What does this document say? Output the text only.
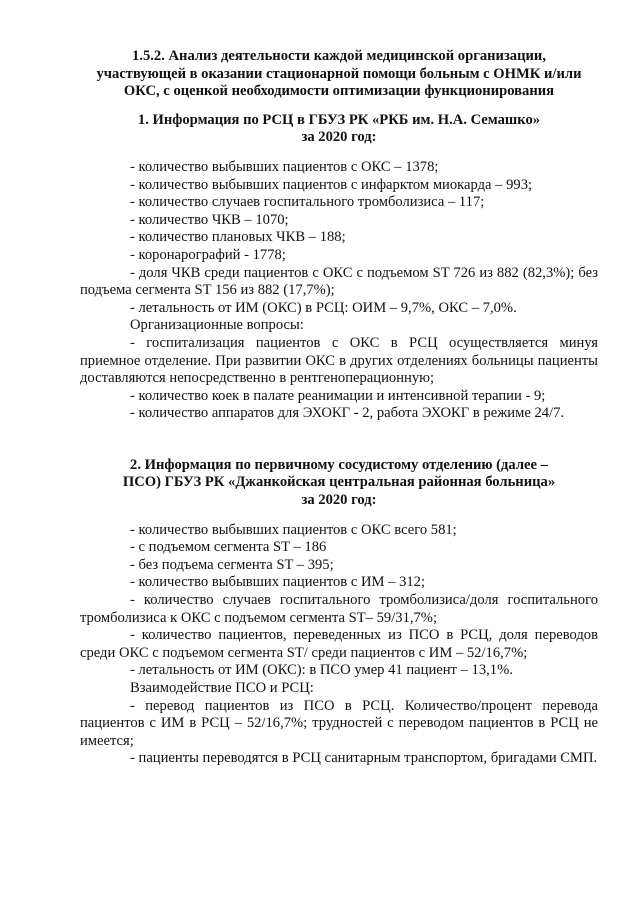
1.5.2. Анализ деятельности каждой медицинской организации,
участвующей в оказании стационарной помощи больным с ОНМК и/или
ОКС, с оценкой необходимости оптимизации функционирования
1. Информация по РСЦ в ГБУЗ РК «РКБ им. Н.А. Семашко»
за 2020 год:
- количество выбывших пациентов с ОКС – 1378;
- количество выбывших пациентов с инфарктом миокарда – 993;
- количество случаев госпитального тромболизиса – 117;
- количество ЧКВ – 1070;
- количество плановых ЧКВ – 188;
- коронарографий - 1778;

- доля ЧКВ среди пациентов с ОКС с подъемом ST 726 из 882 (82,3%); без подъема сегмента ST 156 из 882 (17,7%);

- летальность от ИМ (ОКС) в РСЦ: ОИМ – 9,7%, ОКС – 7,0%.
Организационные вопросы:

- госпитализация пациентов с ОКС в РСЦ осуществляется минуя приемное отделение. При развитии ОКС в других отделениях больницы пациенты доставляются непосредственно в рентгеноперационную;

- количество коек в палате реанимации и интенсивной терапии - 9;
- количество аппаратов для ЭХОКГ - 2, работа ЭХОКГ в режиме 24/7.
2. Информация по первичному сосудистому отделению (далее –
ПСО) ГБУЗ РК «Джанкойская центральная районная больница»
за 2020 год:
- количество выбывших пациентов с ОКС всего 581;
- с подъемом сегмента ST – 186
- без подъема сегмента ST – 395;
- количество выбывших пациентов с ИМ – 312;

- количество случаев госпитального тромболизиса/доля госпитального тромболизиса к ОКС с подъемом сегмента ST– 59/31,7%;

- количество пациентов, переведенных из ПСО в РСЦ, доля переводов среди ОКС с подъемом сегмента ST/ среди пациентов с ИМ – 52/16,7%;

- летальность от ИМ (ОКС): в ПСО умер 41 пациент – 13,1%.
Взаимодействие ПСО и РСЦ:

- перевод пациентов из ПСО в РСЦ. Количество/процент перевода пациентов с ИМ в РСЦ – 52/16,7%; трудностей с переводом пациентов в РСЦ не имеется;

- пациенты переводятся в РСЦ санитарным транспортом, бригадами СМП.
